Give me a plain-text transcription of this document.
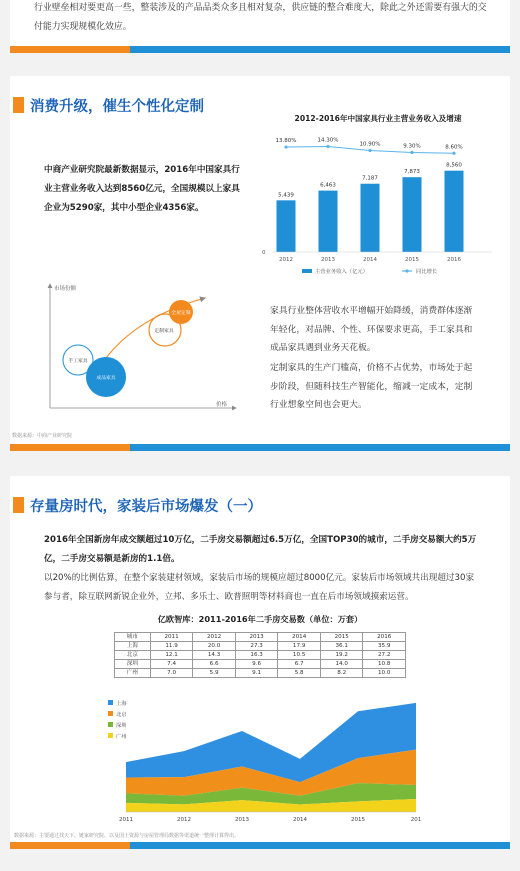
行业壁垒相对要更高一些，整装涉及的产品品类众多且相对复杂，供应链的整合难度大，除此之外还需要有强大的交

付能力实现规模化效应。

消费升级，催生个性化定制

中商产业研究院最新数据显示，2016年中国家具行业主营业务收入达到8560亿元，全国规模以上家具企业为5290家，其中小型企业4356家。

2012-2016年中国家具行业主营业务收入及增速
5,439
2012
6,463
2013
7,187
2014
7,873
2015
8,560
2016
13.80%	14.30%
10.90%	9.30%	8.60%
0
主营业务收入（亿元）	同比增长
市场份额
价格
全屋定制
定制家具
手工家具
成品家具

家具行业整体营收水平增幅开始降缓，消费群体逐渐年轻化，对品牌、个性、环保要求更高，手工家具和成品家具遇到业务天花板。

定制家具的生产门槛高，价格不占优势，市场处于起步阶段，但随科技生产智能化，缩减一定成本，定制行业想象空间也会更大。

数据来源：中商产业研究院
存量房时代，家装后市场爆发（一）

2016年全国新房年成交额超过10万亿，二手房交易额超过6.5万亿，全国TOP30的城市，二手房交易额大约5万亿，二手房交易额是新房的1.1倍。

以20%的比例估算，在整个家装建材领域，家装后市场的规模应超过8000亿元。家装后市场领域共出现超过30家参与者，除互联网新锐企业外，立邦、多乐士、欧普照明等材料商也一直在后市场领域摸索运营。

亿欧智库：2011-2016年二手房交易数（单位：万套）
城市	2011	2012	2013	2014	2015	2016
上海	11.9	20.0	27.3	17.9	36.1	35.9
北京	12.1	14.3	16.3	10.5	19.2	27.2
深圳	7.4	6.6	9.6	6.7	14.0	10.8
广州	7.0	5.9	9.1	5.8	8.2	10.0
2011	2012	2013	2014	2015	201
上海
北京
深圳
广州
数据来源：主要通过找天下、链家研究院、以及国土资源与房屋管理局数据等渠道统一整理计算得出。
